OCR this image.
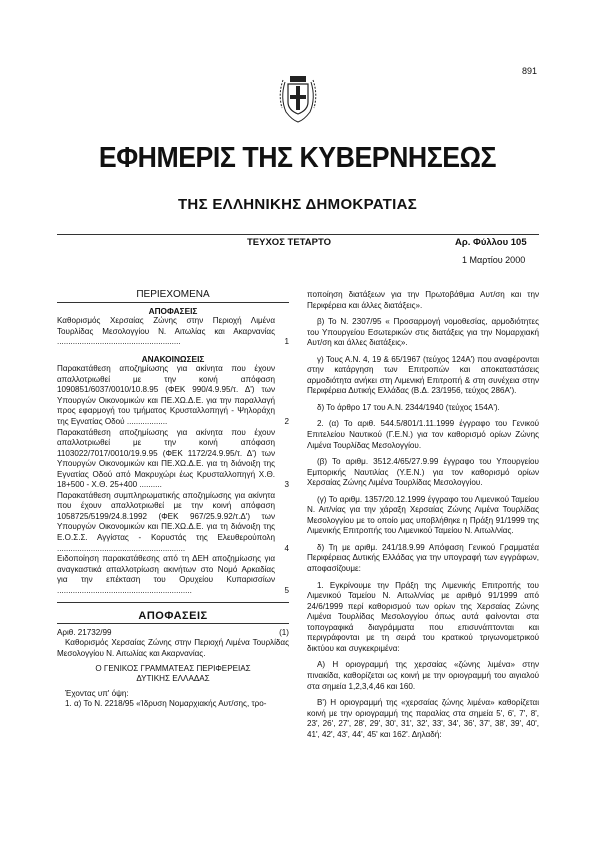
891
ΕΦΗΜΕΡΙΣ ΤΗΣ ΚΥΒΕΡΝΗΣΕΩΣ
ΤΗΣ ΕΛΛΗΝΙΚΗΣ ΔΗΜΟΚΡΑΤΙΑΣ
ΤΕΥΧΟΣ ΤΕΤΑΡΤΟ	Αρ. Φύλλου 105
1 Μαρτίου 2000
ΠΕΡΙΕΧΟΜΕΝΑ
ΑΠΟΦΑΣΕΙΣ
Καθορισμός Χερσαίας Ζώνης στην Περιοχή Λιμένα Τουρλίδας Μεσολογγίου Ν. Αιτωλίας και Ακαρνανίας .......................................................	1
ΑΝΑΚΟΙΝΩΣΕΙΣ
Παρακατάθεση αποζημίωσης για ακίνητα που έχουν απαλλοτριωθεί με την κοινή απόφαση 1090851/6037/0010/10.8.95 (ΦΕΚ 990/4.9.95/τ. Δ') των Υπουργών Οικονομικών και ΠΕ.ΧΩ.Δ.Ε. για την παραλλαγή προς εφαρμογή του τμήματος Κρυσταλλοπηγή - Ψηλοράχη της Εγνατίας Οδού ..................	2
Παρακατάθεση αποζημίωσης για ακίνητα που έχουν απαλλοτριωθεί με την κοινή απόφαση 1103022/7017/0010/19.9.95 (ΦΕΚ 1172/24.9.95/τ. Δ') των Υπουργών Οικονομικών και ΠΕ.ΧΩ.Δ.Ε. για τη διάνοιξη της Εγνατίας Οδού από Μακρυχώρι έως Κρυσταλλοπηγή Χ.Θ. 18+500 - Χ.Θ. 25+400 ..........	3
Παρακατάθεση συμπληρωματικής αποζημίωσης για ακίνητα που έχουν απαλλοτριωθεί με την κοινή απόφαση 1058725/5199/24.8.1992 (ΦΕΚ 967/25.9.92/τ.Δ') των Υπουργών Οικονομικών και ΠΕ.ΧΩ.Δ.Ε. για τη διάνοιξη της Ε.Ο.Σ.Σ. Αγγίστας - Κορυστάς της Ελευθερούπολη .........................................................	4
Ειδοποίηση παρακατάθεσης από τη ΔΕΗ αποζημίωσης για αναγκαστικά απαλλοτρίωση ακινήτων στο Νομό Αρκαδίας για την επέκταση του Ορυχείου Κυπαρισσίων ............................................................	5
ΑΠΟΦΑΣΕΙΣ
Αριθ. 21732/99	(1)
Καθορισμός Χερσαίας Ζώνης στην Περιοχή Λιμένα Τουρλίδας Μεσολογγίου Ν. Αιτωλίας και Ακαρνανίας.
Ο ΓΕΝΙΚΟΣ ΓΡΑΜΜΑΤΕΑΣ ΠΕΡΙΦΕΡΕΙΑΣ
ΔΥΤΙΚΗΣ ΕΛΛΑΔΑΣ
Έχοντας υπ' όψη:
1. α) Το Ν. 2218/95 «Ίδρυση Νομαρχιακής Αυτ/σης, τρο-

ποποίηση διατάξεων για την Πρωτοβάθμια Αυτ/ση και την Περιφέρεια και άλλες διατάξεις».

β) Το Ν. 2307/95 « Προσαρμογή νομοθεσίας, αρμοδιότητες του Υπουργείου Εσωτερικών στις διατάξεις για την Νομαρχιακή Αυτ/ση και άλλες διατάξεις».

γ) Τους Α.Ν. 4, 19 & 65/1967 (τεύχος 124Α') που αναφέρονται στην κατάργηση των Επιτροπών και αποκαταστάσεις αρμοδιότητα ανήκει στη Λιμενική Επιτροπή & στη συνέχεια στην Περιφέρεια Δυτικής Ελλάδας (Β.Δ. 23/1956, τεύχος 286Α').

δ) Το άρθρο 17 του Α.Ν. 2344/1940 (τεύχος 154Α').

2. (α) Το αριθ. 544.5/801/1.11.1999 έγγραφο του Γενικού Επιτελείου Ναυτικού (Γ.Ε.Ν.) για τον καθορισμό ορίων Ζώνης Λιμένα Τουρλίδας Μεσολογγίου.

(β) Το αριθμ. 3512.4/65/27.9.99 έγγραφο του Υπουργείου Εμπορικής Ναυτιλίας (Υ.Ε.Ν.) για τον καθορισμό ορίων Χερσαίας Ζώνης Λιμένα Τουρλίδας Μεσολογγίου.

(γ) Το αριθμ. 1357/20.12.1999 έγγραφο του Λιμενικού Ταμείου Ν. Αιτ/νίας για την χάραξη Χερσαίας Ζώνης Λιμένα Τουρλίδας Μεσολογγίου με το οποίο μας υποβλήθηκε η Πράξη 91/1999 της Λιμενικής Επιτροπής του Λιμενικού Ταμείου Ν. Αιτωλ/νίας.

δ) Τη με αριθμ. 241/18.9.99 Απόφαση Γενικού Γραμματέα Περιφέρειας Δυτικής Ελλάδας για την υπογραφή των εγγράφων, αποφασίζουμε:

1. Εγκρίνουμε την Πράξη της Λιμενικής Επιτροπής του Λιμενικού Ταμείου Ν. Αιτωλ/νίας με αριθμό 91/1999 από 24/6/1999 περί καθορισμού των ορίων της Χερσαίας Ζώνης Λιμένα Τουρλίδας Μεσολογγίου όπως αυτά φαίνονται στα τοπογραφικά διαγράμματα που επισυνάπτονται και περιγράφονται με τη σειρά του κρατικού τριγωνομετρικού δικτύου και συγκεκριμένα:

Α) Η οριογραμμή της χερσαίας «ζώνης λιμένα» στην πινακίδα, καθορίζεται ως κοινή με την οριογραμμή του αιγιαλού στα σημεία 1,2,3,4,46 και 160.

Β') Η οριογραμμή της «χερσαίας ζώνης λιμένα» καθορίζεται κοινή με την οριογραμμή της παραλίας στα σημεία 5', 6', 7', 8', 23', 26', 27', 28', 29', 30', 31', 32', 33', 34', 36', 37', 38', 39', 40', 41', 42', 43', 44', 45' και 162'. Δηλαδή:
